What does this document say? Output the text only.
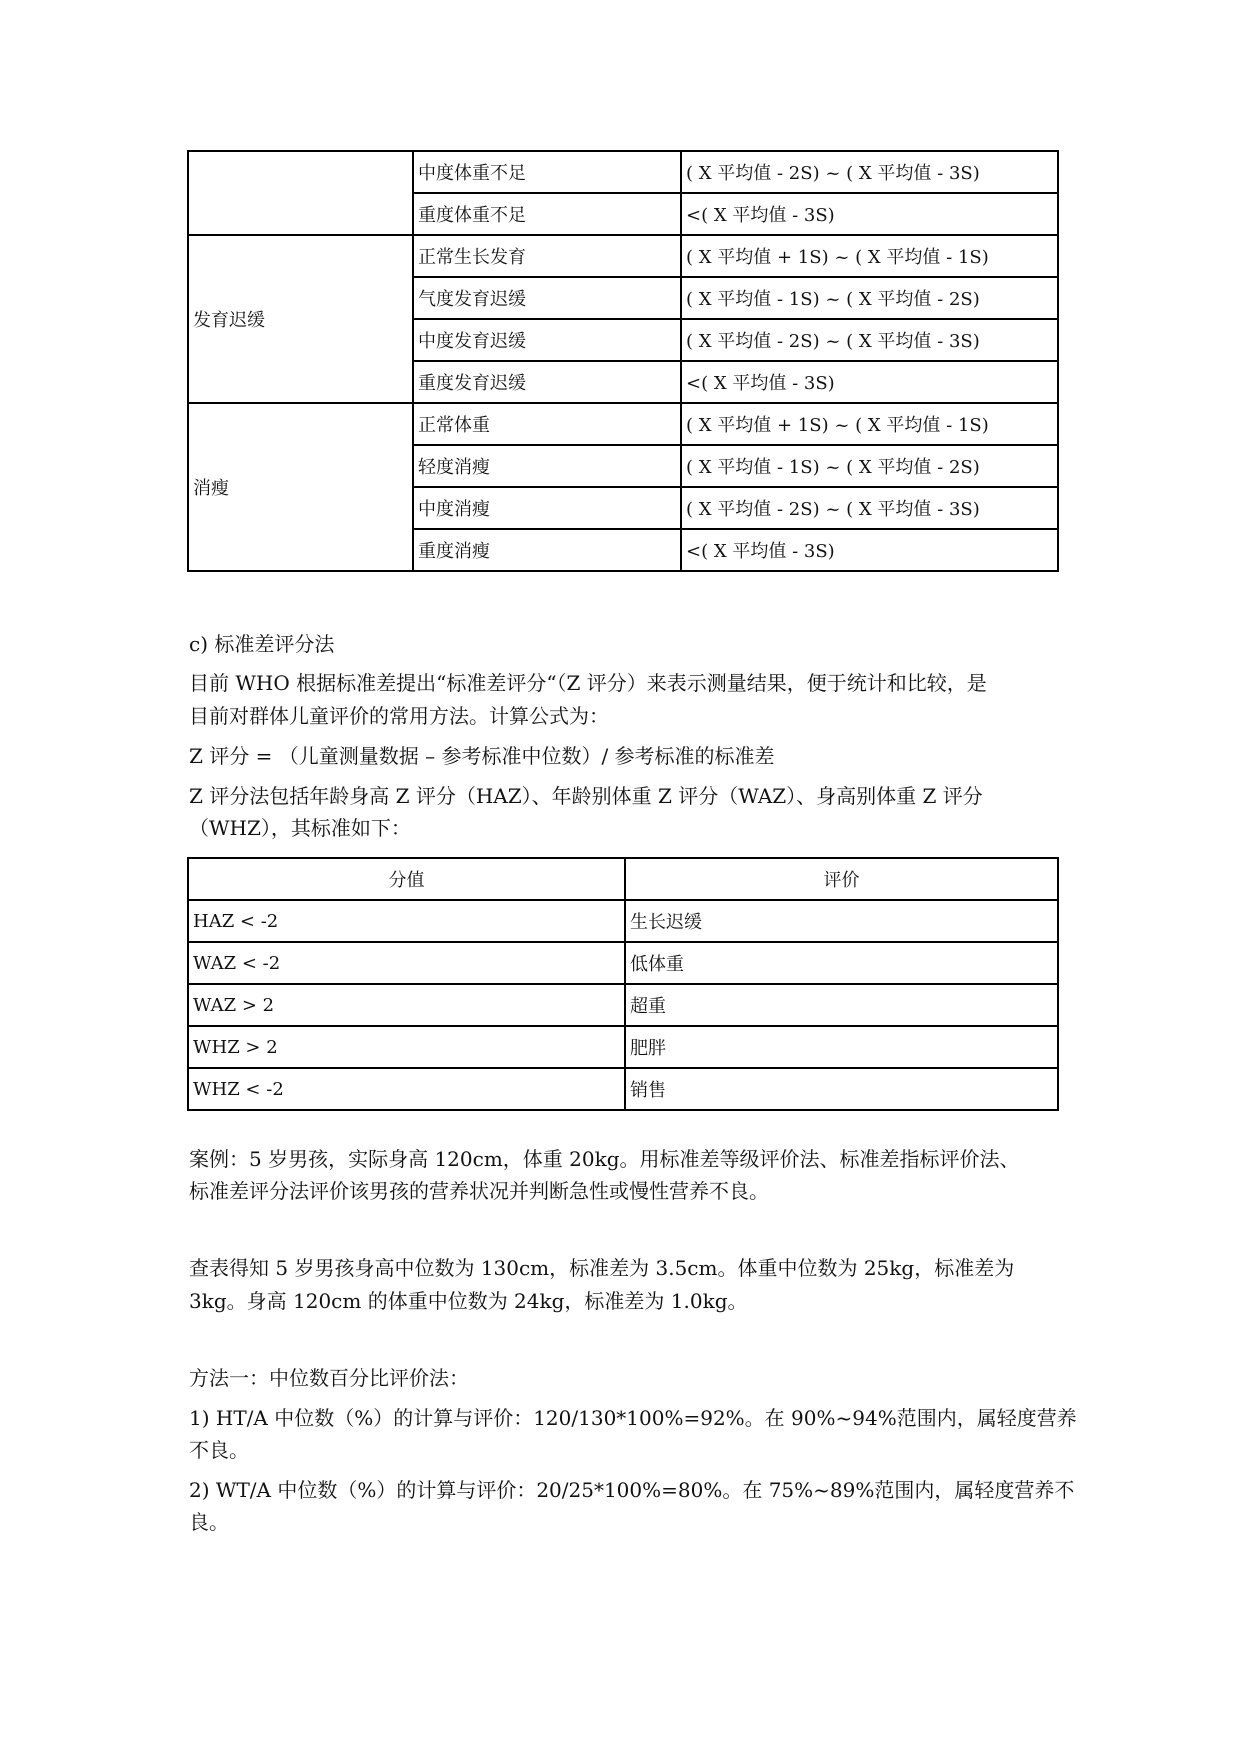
	中度体重不足	( X 平均值 - 2S) ~ ( X 平均值 - 3S)
	重度体重不足	<( X 平均值 - 3S)
发育迟缓	正常生长发育	( X 平均值 + 1S) ~ ( X 平均值 - 1S)
	气度发育迟缓	( X 平均值 - 1S) ~ ( X 平均值 - 2S)
	中度发育迟缓	( X 平均值 - 2S) ~ ( X 平均值 - 3S)
	重度发育迟缓	<( X 平均值 - 3S)
消瘦	正常体重	( X 平均值 + 1S) ~ ( X 平均值 - 1S)
	轻度消瘦	( X 平均值 - 1S) ~ ( X 平均值 - 2S)
	中度消瘦	( X 平均值 - 2S) ~ ( X 平均值 - 3S)
	重度消瘦	<( X 平均值 - 3S)
c) 标准差评分法
目前 WHO 根据标准差提出“标准差评分“（Z 评分）来表示测量结果，便于统计和比较，是
目前对群体儿童评价的常用方法。计算公式为：
Z 评分 = （儿童测量数据 – 参考标准中位数）/ 参考标准的标准差
Z 评分法包括年龄身高 Z 评分（HAZ）、年龄别体重 Z 评分（WAZ）、身高别体重 Z 评分
（WHZ），其标准如下：
分值	评价
HAZ < -2	生长迟缓
WAZ < -2	低体重
WAZ > 2	超重
WHZ > 2	肥胖
WHZ < -2	销售
案例：5 岁男孩，实际身高 120cm，体重 20kg。用标准差等级评价法、标准差指标评价法、
标准差评分法评价该男孩的营养状况并判断急性或慢性营养不良。
查表得知 5 岁男孩身高中位数为 130cm，标准差为 3.5cm。体重中位数为 25kg，标准差为
3kg。身高 120cm 的体重中位数为 24kg，标准差为 1.0kg。
方法一：中位数百分比评价法：
1) HT/A 中位数（%）的计算与评价：120/130*100%=92%。在 90%~94%范围内，属轻度营养
不良。
2) WT/A 中位数（%）的计算与评价：20/25*100%=80%。在 75%~89%范围内，属轻度营养不
良。
